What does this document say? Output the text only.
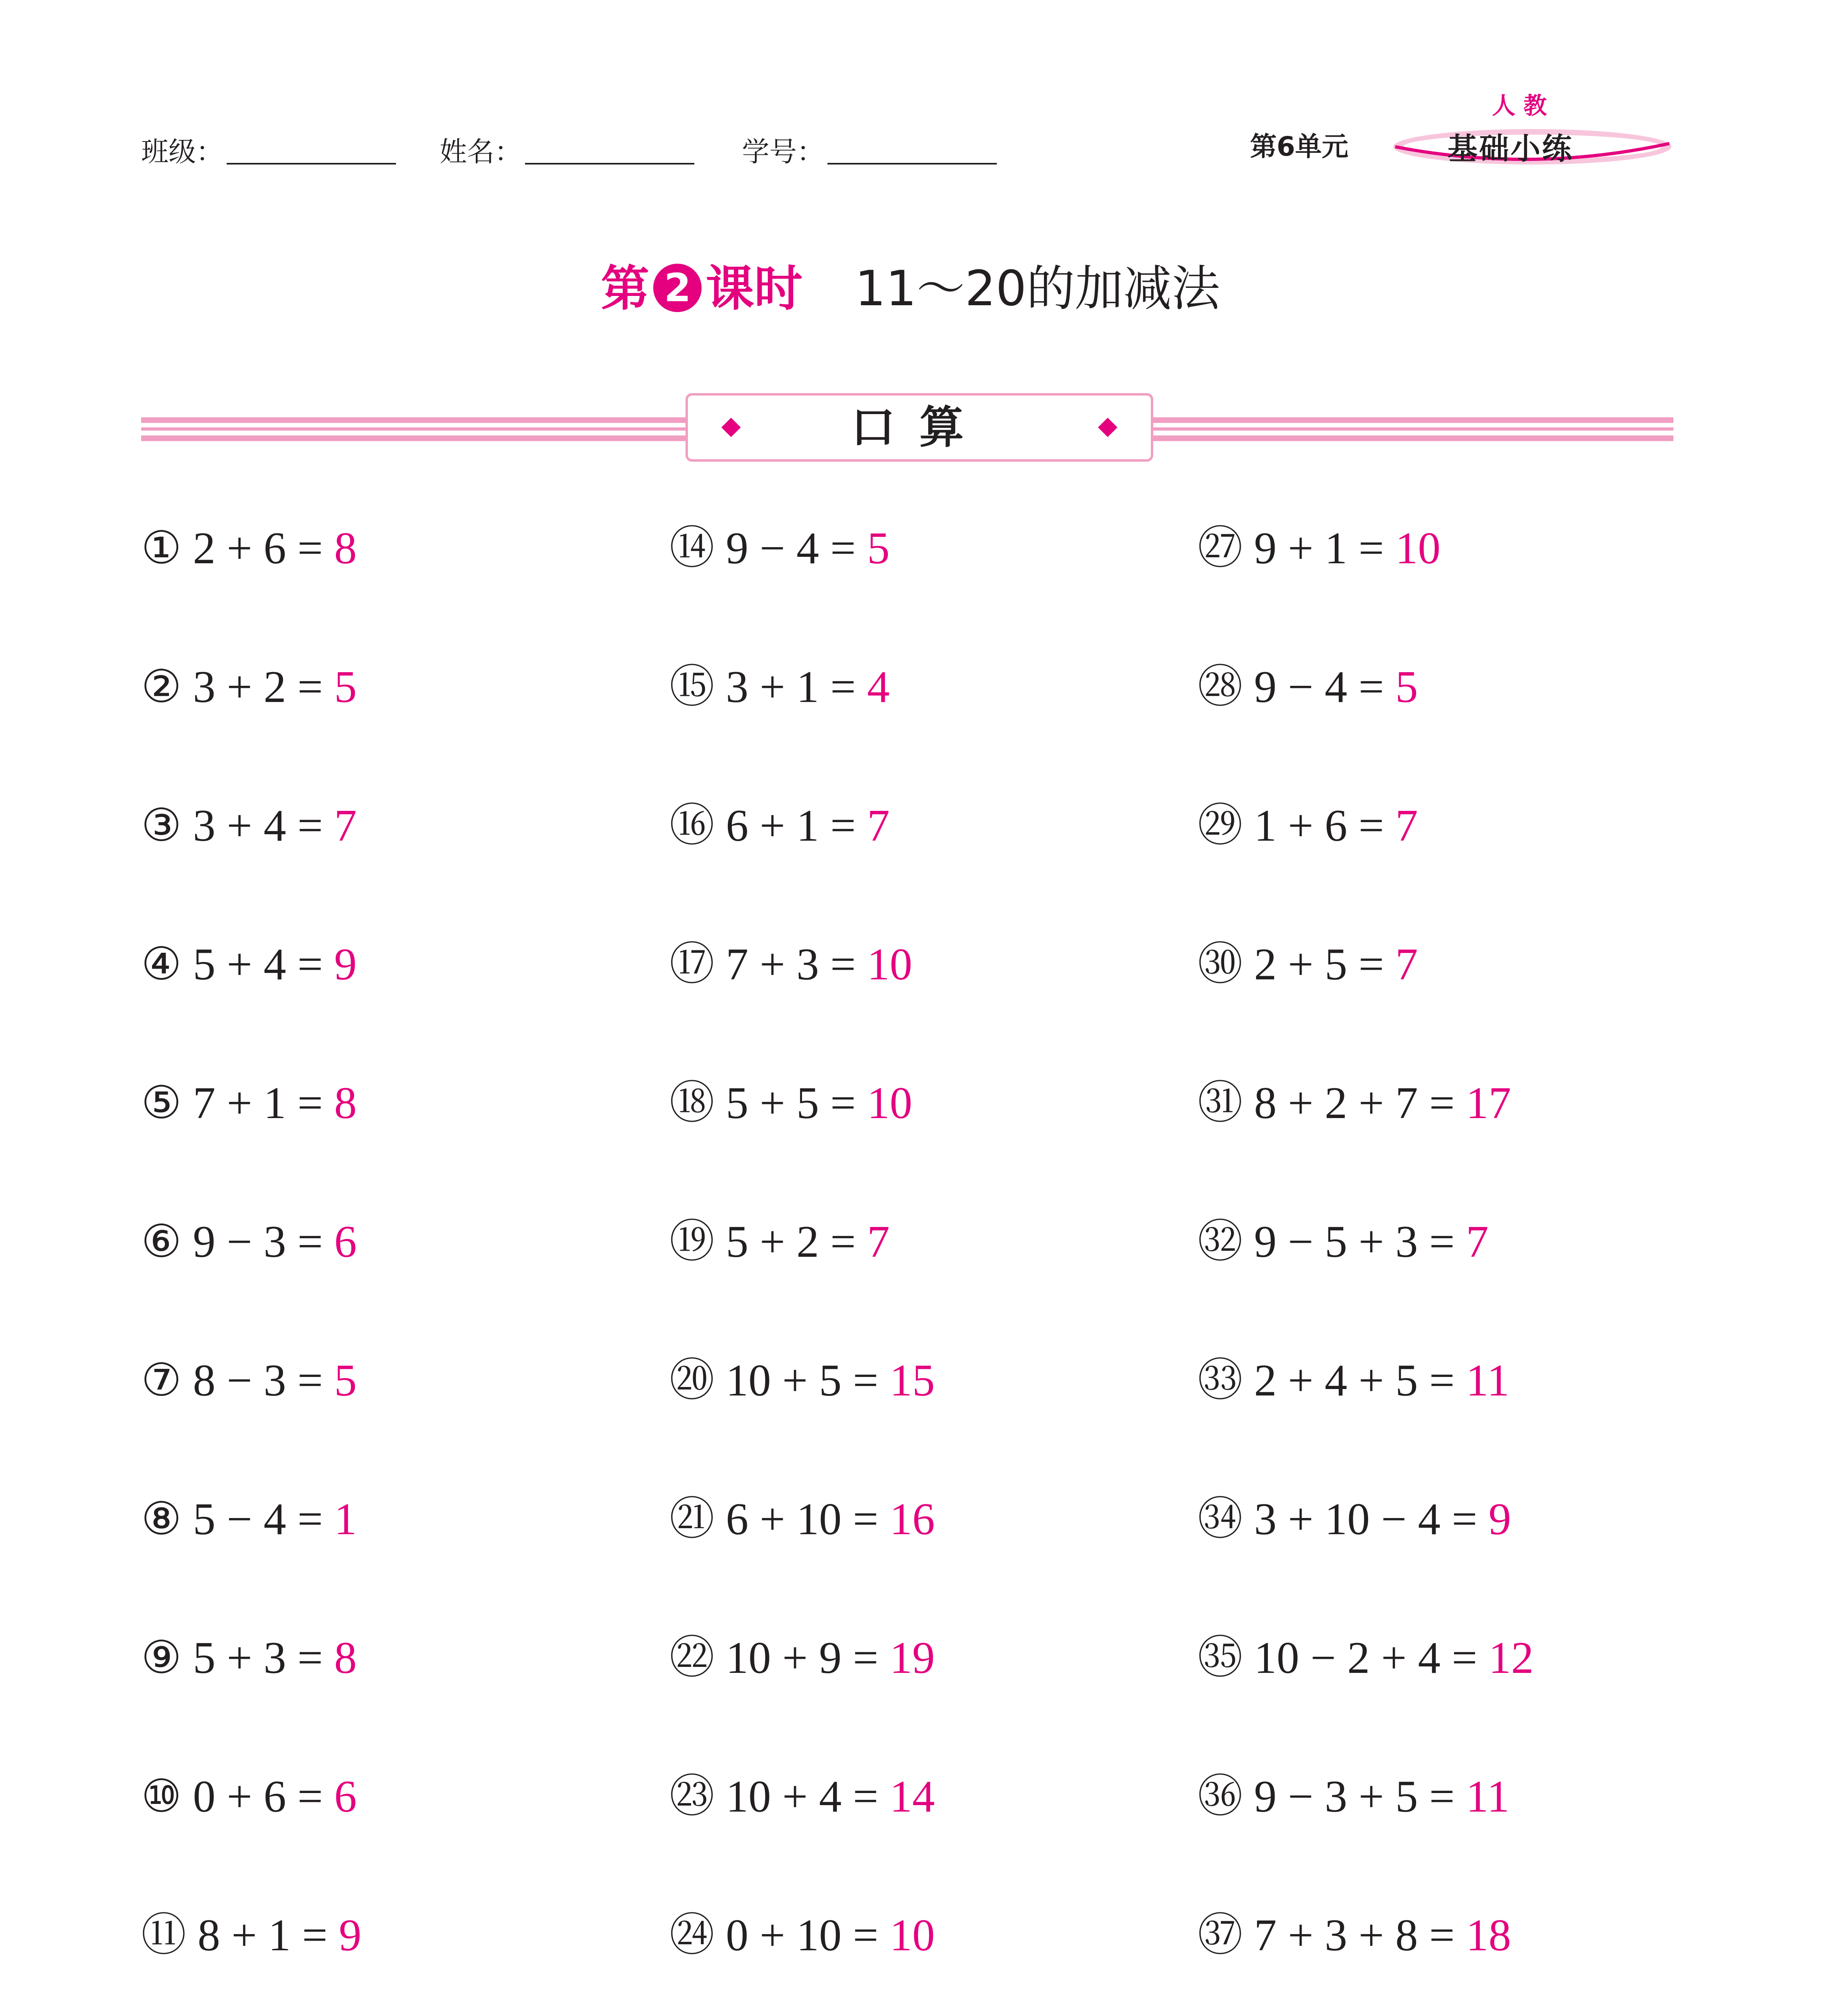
班级：	姓名：	学号：	第6单元
人教
基础小练
第 2 课时 11～20的加减法
口算
① 2 + 6 = 8
② 3 + 2 = 5
③ 3 + 4 = 7
④ 5 + 4 = 9
⑤ 7 + 1 = 8
⑥ 9 − 3 = 6
⑦ 8 − 3 = 5
⑧ 5 − 4 = 1
⑨ 5 + 3 = 8
⑩ 0 + 6 = 6
⑪ 8 + 1 = 9

⑭ 9 − 4 = 5
⑮ 3 + 1 = 4
⑯ 6 + 1 = 7
⑰ 7 + 3 = 10
⑱ 5 + 5 = 10
⑲ 5 + 2 = 7
⑳ 10 + 5 = 15
㉑ 6 + 10 = 16
㉒ 10 + 9 = 19
㉓ 10 + 4 = 14
㉔ 0 + 10 = 10

㉗ 9 + 1 = 10
㉘ 9 − 4 = 5
㉙ 1 + 6 = 7
㉚ 2 + 5 = 7
㉛ 8 + 2 + 7 = 17
㉜ 9 − 5 + 3 = 7
㉝ 2 + 4 + 5 = 11
㉞ 3 + 10 − 4 = 9
㉟ 10 − 2 + 4 = 12
㊱ 9 − 3 + 5 = 11
㊲ 7 + 3 + 8 = 18
